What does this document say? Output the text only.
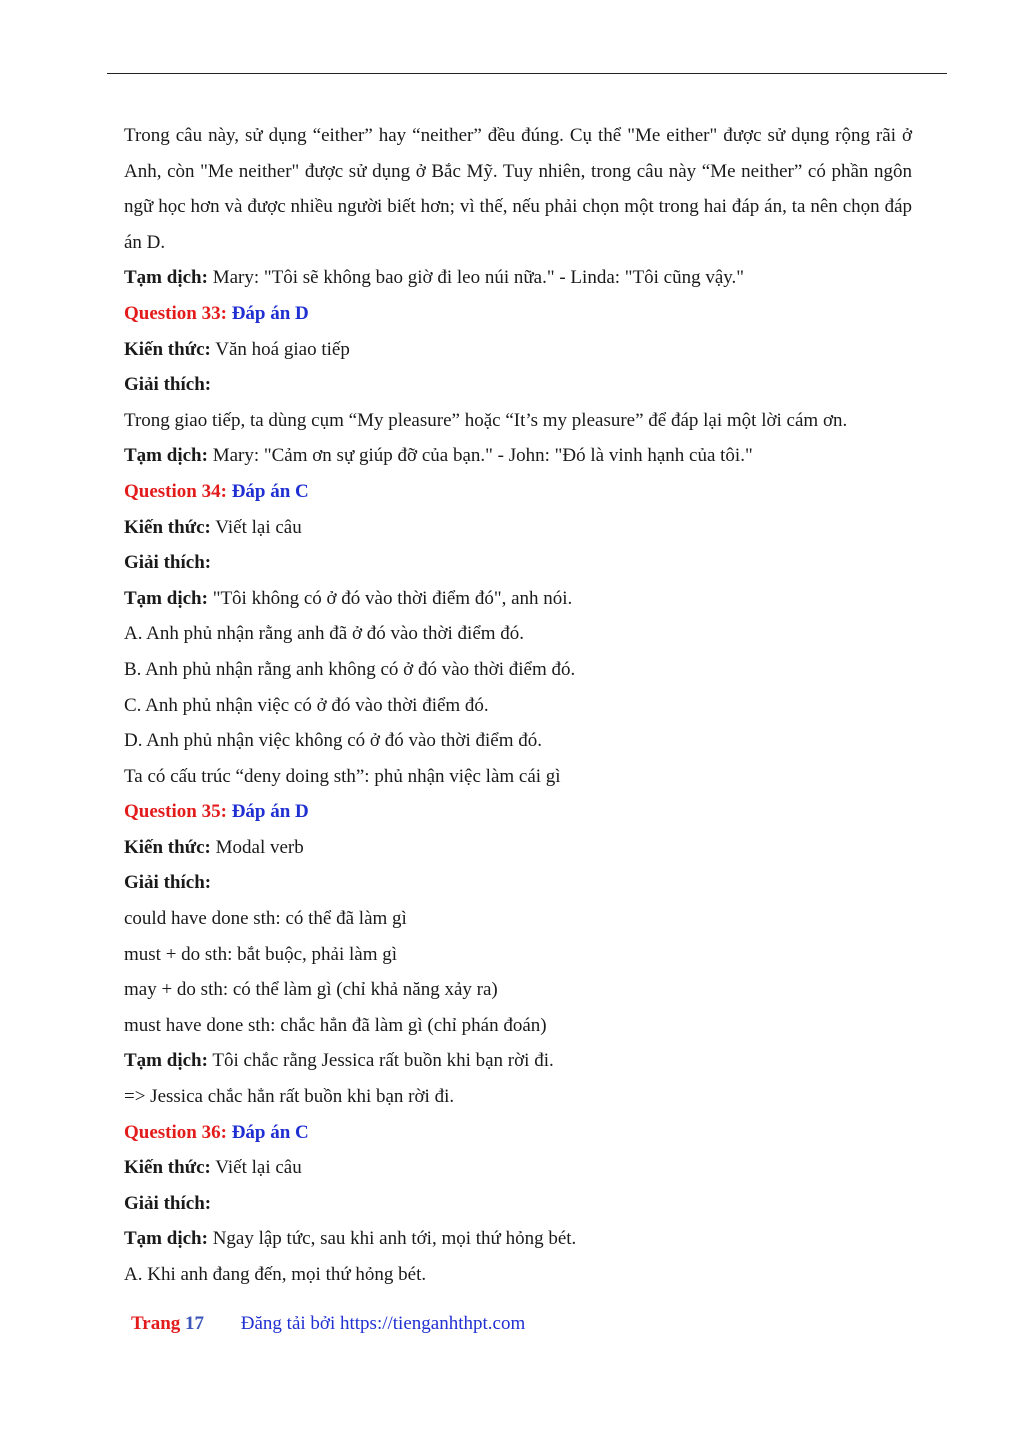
Trong câu này, sử dụng “either” hay “neither” đều đúng. Cụ thể "Me either" được sử dụng rộng rãi ở Anh, còn "Me neither" được sử dụng ở Bắc Mỹ. Tuy nhiên, trong câu này “Me neither” có phần ngôn ngữ học hơn và được nhiều người biết hơn; vì thế, nếu phải chọn một trong hai đáp án, ta nên chọn đáp án D.

Tạm dịch: Mary: "Tôi sẽ không bao giờ đi leo núi nữa." - Linda: "Tôi cũng vậy."

Question 33: Đáp án D

Kiến thức: Văn hoá giao tiếp

Giải thích:

Trong giao tiếp, ta dùng cụm “My pleasure” hoặc “It’s my pleasure” để đáp lại một lời cám ơn.

Tạm dịch: Mary: "Cảm ơn sự giúp đỡ của bạn." - John: "Đó là vinh hạnh của tôi."

Question 34: Đáp án C

Kiến thức: Viết lại câu

Giải thích:

Tạm dịch: "Tôi không có ở đó vào thời điểm đó", anh nói.

A. Anh phủ nhận rằng anh đã ở đó vào thời điểm đó.

B. Anh phủ nhận rằng anh không có ở đó vào thời điểm đó.

C. Anh phủ nhận việc có ở đó vào thời điểm đó.

D. Anh phủ nhận việc không có ở đó vào thời điểm đó.

Ta có cấu trúc “deny doing sth”: phủ nhận việc làm cái gì

Question 35: Đáp án D

Kiến thức: Modal verb

Giải thích:

could have done sth: có thể đã làm gì

must + do sth: bắt buộc, phải làm gì

may + do sth: có thể làm gì (chỉ khả năng xảy ra)

must have done sth: chắc hẳn đã làm gì (chỉ phán đoán)

Tạm dịch: Tôi chắc rằng Jessica rất buồn khi bạn rời đi.

=> Jessica chắc hẳn rất buồn khi bạn rời đi.

Question 36: Đáp án C

Kiến thức: Viết lại câu

Giải thích:

Tạm dịch: Ngay lập tức, sau khi anh tới, mọi thứ hỏng bét.

A. Khi anh đang đến, mọi thứ hỏng bét.

Trang 17 Đăng tải bởi https://tienganhthpt.com
